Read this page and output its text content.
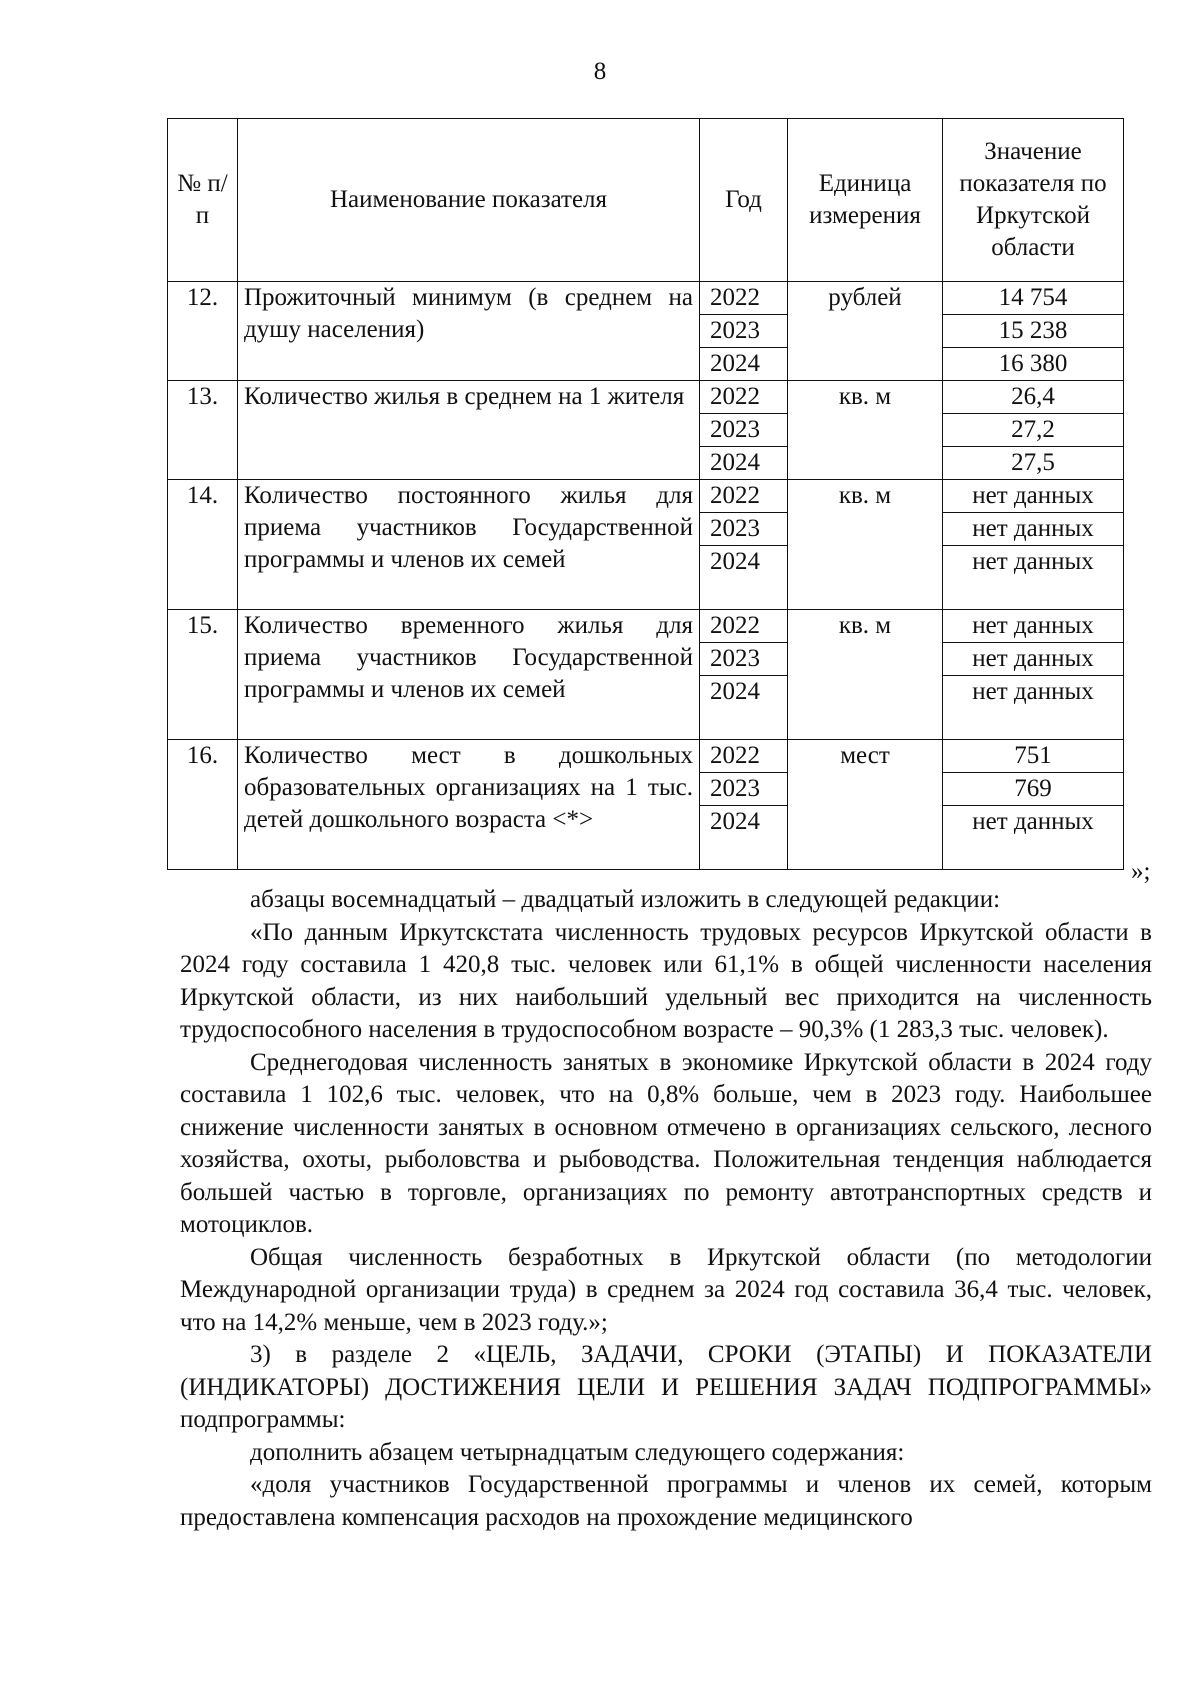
8
№ п/п	Наименование показателя	Год	Единица измерения	Значение показателя по Иркутской области
12.	Прожиточный минимум (в среднем на душу населения)	2022	рублей	14 754
		2023		15 238
		2024		16 380
13.	Количество жилья в среднем на 1 жителя	2022	кв. м	26,4
		2023		27,2
		2024		27,5
14.	Количество постоянного жилья для приема участников Государственной программы и членов их семей	2022	кв. м	нет данных
		2023		нет данных
		2024		нет данных
15.	Количество временного жилья для приема участников Государственной программы и членов их семей	2022	кв. м	нет данных
		2023		нет данных
		2024		нет данных
16.	Количество мест в дошкольных образовательных организациях на 1 тыс. детей дошкольного возраста <*>	2022	мест	751
		2023		769
		2024		нет данных
»;

абзацы восемнадцатый – двадцатый изложить в следующей редакции:

«По данным Иркутскстата численность трудовых ресурсов Иркутской области в 2024 году составила 1 420,8 тыс. человек или 61,1% в общей численности населения Иркутской области, из них наибольший удельный вес приходится на численность трудоспособного населения в трудоспособном возрасте – 90,3% (1 283,3 тыс. человек).

Среднегодовая численность занятых в экономике Иркутской области в 2024 году составила 1 102,6 тыс. человек, что на 0,8% больше, чем в 2023 году. Наибольшее снижение численности занятых в основном отмечено в организациях сельского, лесного хозяйства, охоты, рыболовства и рыбоводства. Положительная тенденция наблюдается большей частью в торговле, организациях по ремонту автотранспортных средств и мотоциклов.

Общая численность безработных в Иркутской области (по методологии Международной организации труда) в среднем за 2024 год составила 36,4 тыс. человек, что на 14,2% меньше, чем в 2023 году.»;

3) в разделе 2 «ЦЕЛЬ, ЗАДАЧИ, СРОКИ (ЭТАПЫ) И ПОКАЗАТЕЛИ (ИНДИКАТОРЫ) ДОСТИЖЕНИЯ ЦЕЛИ И РЕШЕНИЯ ЗАДАЧ ПОДПРОГРАММЫ» подпрограммы:

дополнить абзацем четырнадцатым следующего содержания:

«доля участников Государственной программы и членов их семей, которым предоставлена компенсация расходов на прохождение медицинского
